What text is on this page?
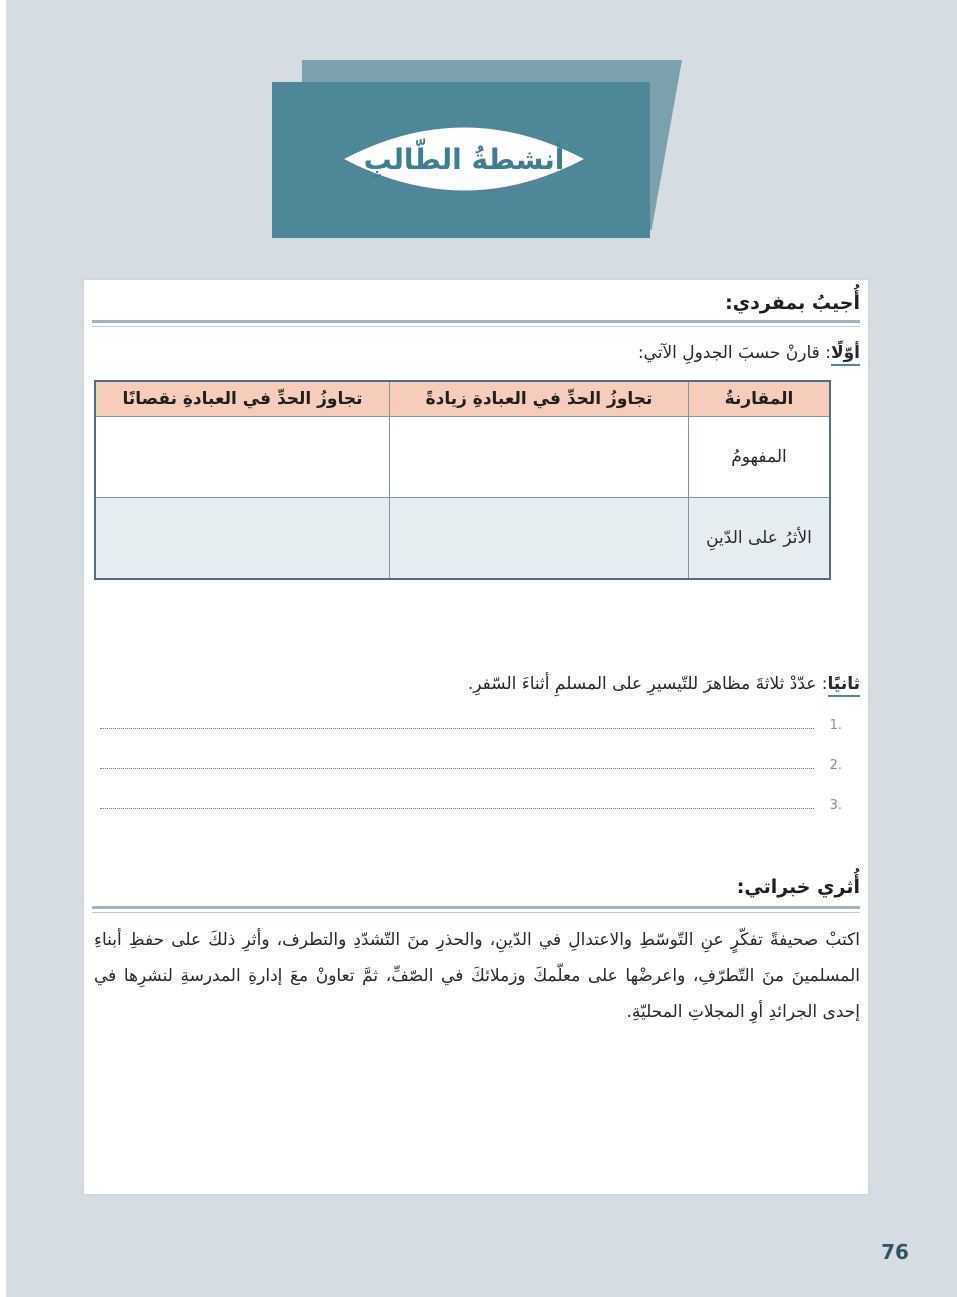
أنشطةُ الطّالبِ
أُجيبُ بمفردي:
أوّلًا: قارنْ حسبَ الجدولِ الآتي:
المقارنةُ	تجاوزُ الحدِّ في العبادةِ زيادةً	تجاوزُ الحدِّ في العبادةِ نقصانًا
المفهومُ		
الأثرُ على الدّينِ		
ثانيًا: عدّدْ ثلاثةَ مظاهرَ للتّيسيرِ على المسلمِ أثناءَ السّفرِ.
.1
.2
.3
أُثري خبراتي:
اكتبْ صحيفةً تفكّرٍ عنِ التّوسّطِ والاعتدالِ في الدّينِ، والحذرِ منَ التّشدّدِ والتطرف، وأثرِ ذلكَ على حفظِ أبناءِ المسلمينَ منَ التّطرّفِ، واعرضْها على معلّمكَ وزملائكَ في الصّفِّ، ثمَّ تعاونْ معَ إدارةِ المدرسةِ لنشرِها في إحدى الجرائدِ أوِ المجلاتِ المحليّةِ.
76
